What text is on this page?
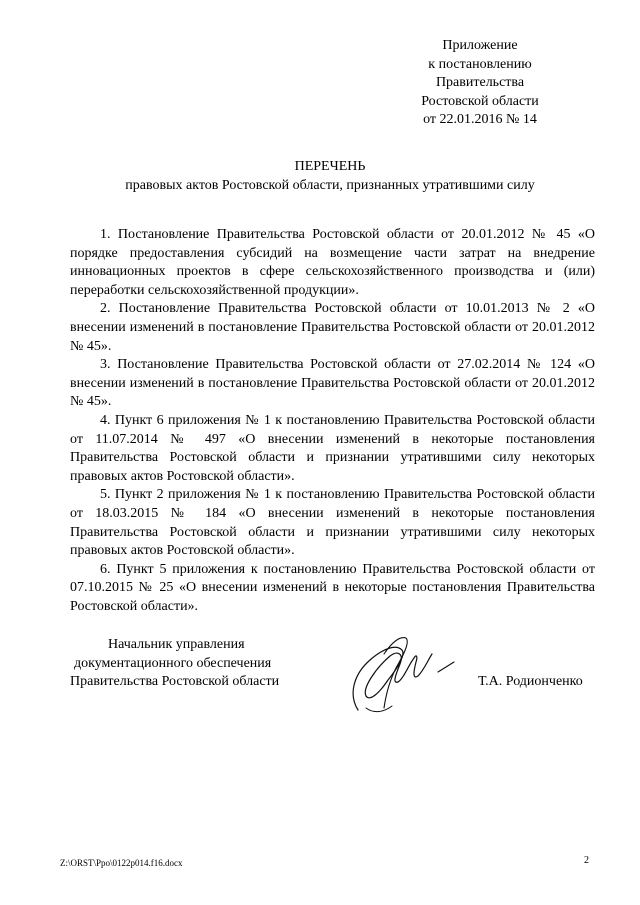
Приложение
к постановлению
Правительства
Ростовской области
от 22.01.2016 № 14
ПЕРЕЧЕНЬ
правовых актов Ростовской области, признанных утратившими силу

1. Постановление Правительства Ростовской области от 20.01.2012 № 45 «О порядке предоставления субсидий на возмещение части затрат на внедрение инновационных проектов в сфере сельскохозяйственного производства и (или) переработки сельскохозяйственной продукции».

2. Постановление Правительства Ростовской области от 10.01.2013 № 2 «О внесении изменений в постановление Правительства Ростовской области от 20.01.2012 № 45».

3. Постановление Правительства Ростовской области от 27.02.2014 № 124 «О внесении изменений в постановление Правительства Ростовской области от 20.01.2012 № 45».

4. Пункт 6 приложения № 1 к постановлению Правительства Ростовской области от 11.07.2014 № 497 «О внесении изменений в некоторые постановления Правительства Ростовской области и признании утратившими силу некоторых правовых актов Ростовской области».

5. Пункт 2 приложения № 1 к постановлению Правительства Ростовской области от 18.03.2015 № 184 «О внесении изменений в некоторые постановления Правительства Ростовской области и признании утратившими силу некоторых правовых актов Ростовской области».

6. Пункт 5 приложения к постановлению Правительства Ростовской области от 07.10.2015 № 25 «О внесении изменений в некоторые постановления Правительства Ростовской области».

Начальник управления
документационного обеспечения
Правительства Ростовской области	Т.А. Родионченко
Z:\ORST\Ppo\0122p014.f16.docx	2
